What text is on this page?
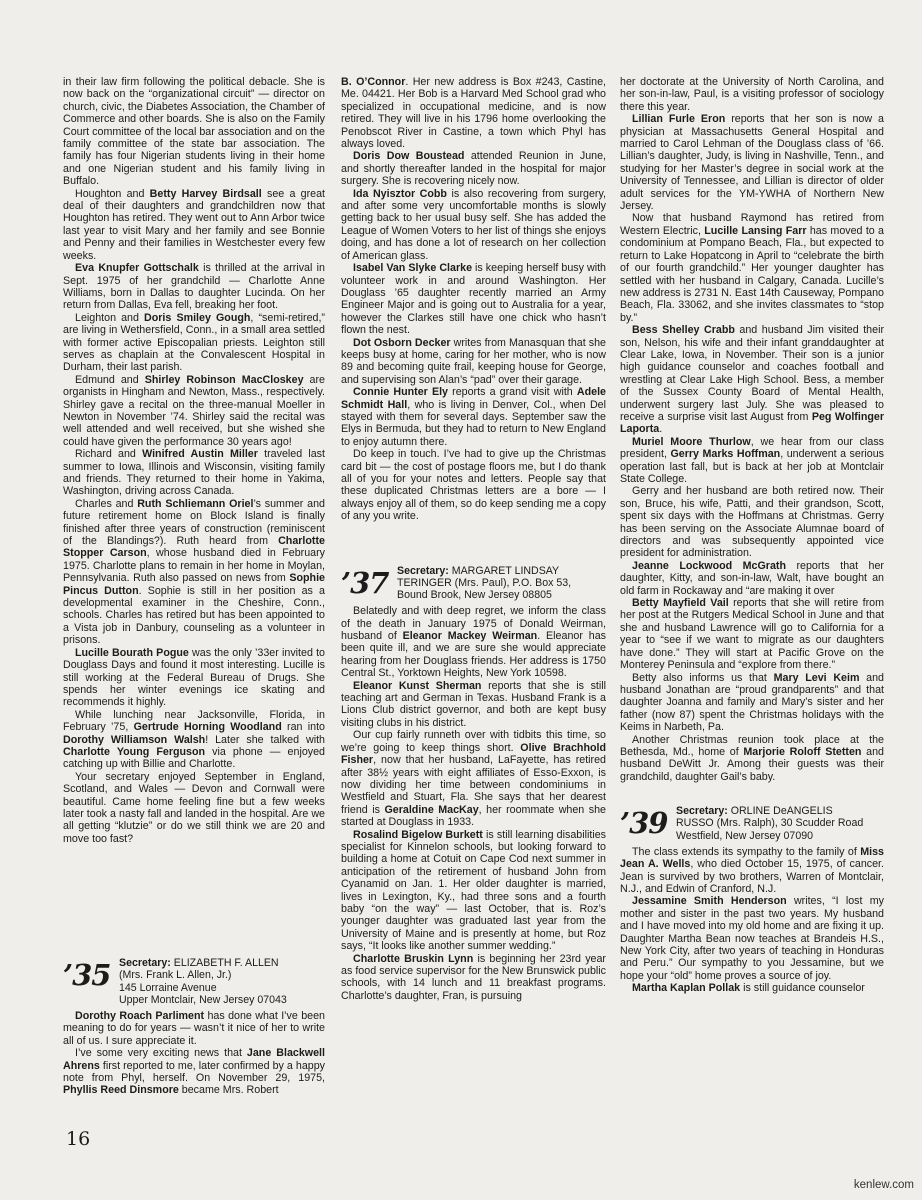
in their law firm following the political debacle. She is now back on the “organizational circuit” — director on church, civic, the Diabetes Association, the Chamber of Commerce and other boards. She is also on the Family Court committee of the local bar association and on the family committee of the state bar association. The family has four Nigerian students living in their home and one Nigerian student and his family living in Buffalo.

Houghton and Betty Harvey Birdsall see a great deal of their daughters and grandchildren now that Houghton has retired. They went out to Ann Arbor twice last year to visit Mary and her family and see Bonnie and Penny and their families in Westchester every few weeks.

Eva Knupfer Gottschalk is thrilled at the arrival in Sept. 1975 of her grandchild — Charlotte Anne Williams, born in Dallas to daughter Lucinda. On her return from Dallas, Eva fell, breaking her foot.

Leighton and Doris Smiley Gough, “semi-retired,” are living in Wethersfield, Conn., in a small area settled with former active Episcopalian priests. Leighton still serves as chaplain at the Convalescent Hospital in Durham, their last parish.

Edmund and Shirley Robinson MacCloskey are organists in Hingham and Newton, Mass., respectively. Shirley gave a recital on the three-manual Moeller in Newton in November ’74. Shirley said the recital was well attended and well received, but she wished she could have given the performance 30 years ago!

Richard and Winifred Austin Miller traveled last summer to Iowa, Illinois and Wisconsin, visiting family and friends. They returned to their home in Yakima, Washington, driving across Canada.

Charles and Ruth Schliemann Oriel’s summer and future retirement home on Block Island is finally finished after three years of construction (reminiscent of the Blandings?). Ruth heard from Charlotte Stopper Carson, whose husband died in February 1975. Charlotte plans to remain in her home in Moylan, Pennsylvania. Ruth also passed on news from Sophie Pincus Dutton. Sophie is still in her position as a developmental examiner in the Cheshire, Conn., schools. Charles has retired but has been appointed to a Vista job in Danbury, counseling as a volunteer in prisons.

Lucille Bourath Pogue was the only ’33er invited to Douglass Days and found it most interesting. Lucille is still working at the Federal Bureau of Drugs. She spends her winter evenings ice skating and recommends it highly.

While lunching near Jacksonville, Florida, in February ’75, Gertrude Horning Woodland ran into Dorothy Williamson Walsh! Later she talked with Charlotte Young Ferguson via phone — enjoyed catching up with Billie and Charlotte.

Your secretary enjoyed September in England, Scotland, and Wales — Devon and Cornwall were beautiful. Came home feeling fine but a few weeks later took a nasty fall and landed in the hospital. Are we all getting “klutzie” or do we still think we are 20 and move too fast?

’35 Secretary: ELIZABETH F. ALLEN
(Mrs. Frank L. Allen, Jr.)
145 Lorraine Avenue
Upper Montclair, New Jersey 07043

Dorothy Roach Parliment has done what I’ve been meaning to do for years — wasn’t it nice of her to write all of us. I sure appreciate it.

I’ve some very exciting news that Jane Blackwell Ahrens first reported to me, later confirmed by a happy note from Phyl, herself. On November 29, 1975, Phyllis Reed Dinsmore became Mrs. Robert

B. O’Connor. Her new address is Box #243, Castine, Me. 04421. Her Bob is a Harvard Med School grad who specialized in occupational medicine, and is now retired. They will live in his 1796 home overlooking the Penobscot River in Castine, a town which Phyl has always loved.

Doris Dow Boustead attended Reunion in June, and shortly thereafter landed in the hospital for major surgery. She is recovering nicely now.

Ida Nyisztor Cobb is also recovering from surgery, and after some very uncomfortable months is slowly getting back to her usual busy self. She has added the League of Women Voters to her list of things she enjoys doing, and has done a lot of research on her collection of American glass.

Isabel Van Slyke Clarke is keeping herself busy with volunteer work in and around Washington. Her Douglass ’65 daughter recently married an Army Engineer Major and is going out to Australia for a year, however the Clarkes still have one chick who hasn’t flown the nest.

Dot Osborn Decker writes from Manasquan that she keeps busy at home, caring for her mother, who is now 89 and becoming quite frail, keeping house for George, and supervising son Alan’s “pad” over their garage.

Connie Hunter Ely reports a grand visit with Adele Schmidt Hall, who is living in Denver, Col., when Del stayed with them for several days. September saw the Elys in Bermuda, but they had to return to New England to enjoy autumn there.

Do keep in touch. I’ve had to give up the Christmas card bit — the cost of postage floors me, but I do thank all of you for your notes and letters. People say that these duplicated Christmas letters are a bore — I always enjoy all of them, so do keep sending me a copy of any you write.

’37 Secretary: MARGARET LINDSAY
TERINGER (Mrs. Paul), P.O. Box 53,
Bound Brook, New Jersey 08805

Belatedly and with deep regret, we inform the class of the death in January 1975 of Donald Weirman, husband of Eleanor Mackey Weirman. Eleanor has been quite ill, and we are sure she would appreciate hearing from her Douglass friends. Her address is 1750 Central St., Yorktown Heights, New York 10598.

Eleanor Kunst Sherman reports that she is still teaching art and German in Texas. Husband Frank is a Lions Club district governor, and both are kept busy visiting clubs in his district.

Our cup fairly runneth over with tidbits this time, so we’re going to keep things short. Olive Brachhold Fisher, now that her husband, LaFayette, has retired after 38½ years with eight affiliates of Esso-Exxon, is now dividing her time between condominiums in Westfield and Stuart, Fla. She says that her dearest friend is Geraldine MacKay, her roommate when she started at Douglass in 1933.

Rosalind Bigelow Burkett is still learning disabilities specialist for Kinnelon schools, but looking forward to building a home at Cotuit on Cape Cod next summer in anticipation of the retirement of husband John from Cyanamid on Jan. 1. Her older daughter is married, lives in Lexington, Ky., had three sons and a fourth baby “on the way” — last October, that is. Roz’s younger daughter was graduated last year from the University of Maine and is presently at home, but Roz says, “It looks like another summer wedding.”

Charlotte Bruskin Lynn is beginning her 23rd year as food service supervisor for the New Brunswick public schools, with 14 lunch and 11 breakfast programs. Charlotte’s daughter, Fran, is pursuing

her doctorate at the University of North Carolina, and her son-in-law, Paul, is a visiting professor of sociology there this year.

Lillian Furle Eron reports that her son is now a physician at Massachusetts General Hospital and married to Carol Lehman of the Douglass class of ’66. Lillian’s daughter, Judy, is living in Nashville, Tenn., and studying for her Master’s degree in social work at the University of Tennessee, and Lillian is director of older adult services for the YM-YWHA of Northern New Jersey.

Now that husband Raymond has retired from Western Electric, Lucille Lansing Farr has moved to a condominium at Pompano Beach, Fla., but expected to return to Lake Hopatcong in April to “celebrate the birth of our fourth grandchild.” Her younger daughter has settled with her husband in Calgary, Canada. Lucille’s new address is 2731 N. East 14th Causeway, Pompano Beach, Fla. 33062, and she invites classmates to “stop by.”

Bess Shelley Crabb and husband Jim visited their son, Nelson, his wife and their infant granddaughter at Clear Lake, Iowa, in November. Their son is a junior high guidance counselor and coaches football and wrestling at Clear Lake High School. Bess, a member of the Sussex County Board of Mental Health, underwent surgery last July. She was pleased to receive a surprise visit last August from Peg Wolfinger Laporta.

Muriel Moore Thurlow, we hear from our class president, Gerry Marks Hoffman, underwent a serious operation last fall, but is back at her job at Montclair State College.

Gerry and her husband are both retired now. Their son, Bruce, his wife, Patti, and their grandson, Scott, spent six days with the Hoffmans at Christmas. Gerry has been serving on the Associate Alumnae board of directors and was subsequently appointed vice president for administration.

Jeanne Lockwood McGrath reports that her daughter, Kitty, and son-in-law, Walt, have bought an old farm in Rockaway and “are making it over

Betty Mayfield Vail reports that she will retire from her post at the Rutgers Medical School in June and that she and husband Lawrence will go to California for a year to “see if we want to migrate as our daughters have done.” They will start at Pacific Grove on the Monterey Peninsula and “explore from there.”

Betty also informs us that Mary Levi Keim and husband Jonathan are “proud grandparents” and that daughter Joanna and family and Mary’s sister and her father (now 87) spent the Christmas holidays with the Keims in Narbeth, Pa.

Another Christmas reunion took place at the Bethesda, Md., home of Marjorie Roloff Stetten and husband DeWitt Jr. Among their guests was their grandchild, daughter Gail’s baby.

’39 Secretary: ORLINE DeANGELIS
RUSSO (Mrs. Ralph), 30 Scudder Road
Westfield, New Jersey 07090

The class extends its sympathy to the family of Miss Jean A. Wells, who died October 15, 1975, of cancer. Jean is survived by two brothers, Warren of Montclair, N.J., and Edwin of Cranford, N.J.

Jessamine Smith Henderson writes, “I lost my mother and sister in the past two years. My husband and I have moved into my old home and are fixing it up. Daughter Martha Bean now teaches at Brandeis H.S., New York City, after two years of teaching in Honduras and Peru.” Our sympathy to you Jessamine, but we hope your “old” home proves a source of joy.

Martha Kaplan Pollak is still guidance counselor

16
kenlew.com
